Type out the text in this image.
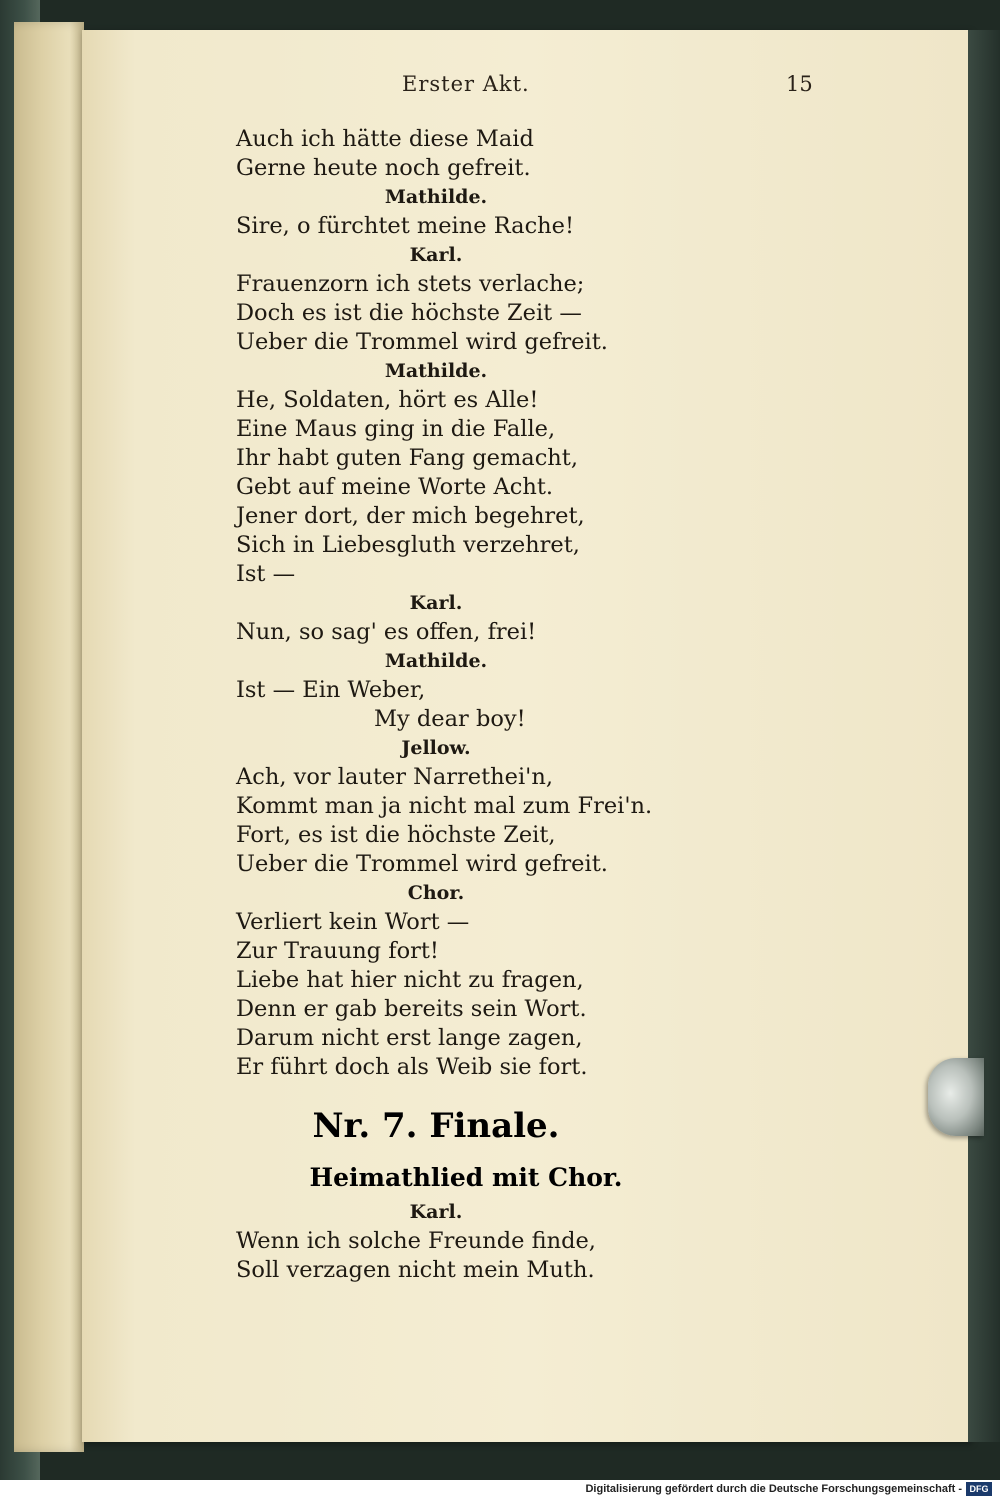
Erster Akt.	15
Auch ich hätte diese Maid
Gerne heute noch gefreit.
Mathilde.
Sire, o fürchtet meine Rache!
Karl.
Frauenzorn ich stets verlache;
Doch es ist die höchste Zeit —
Ueber die Trommel wird gefreit.
Mathilde.
He, Soldaten, hört es Alle!
Eine Maus ging in die Falle,
Ihr habt guten Fang gemacht,
Gebt auf meine Worte Acht.
Jener dort, der mich begehret,
Sich in Liebesgluth verzehret,
Ist —
Karl.
Nun, so sag' es offen, frei!
Mathilde.
Ist — Ein Weber,
My dear boy!
Jellow.
Ach, vor lauter Narrethei'n,
Kommt man ja nicht mal zum Frei'n.
Fort, es ist die höchste Zeit,
Ueber die Trommel wird gefreit.
Chor.
Verliert kein Wort —
Zur Trauung fort!
Liebe hat hier nicht zu fragen,
Denn er gab bereits sein Wort.
Darum nicht erst lange zagen,
Er führt doch als Weib sie fort.
Nr. 7. Finale.
Heimathlied mit Chor.
Karl.
Wenn ich solche Freunde finde,
Soll verzagen nicht mein Muth.
Digitalisierung gefördert durch die Deutsche Forschungsgemeinschaft - DFG
